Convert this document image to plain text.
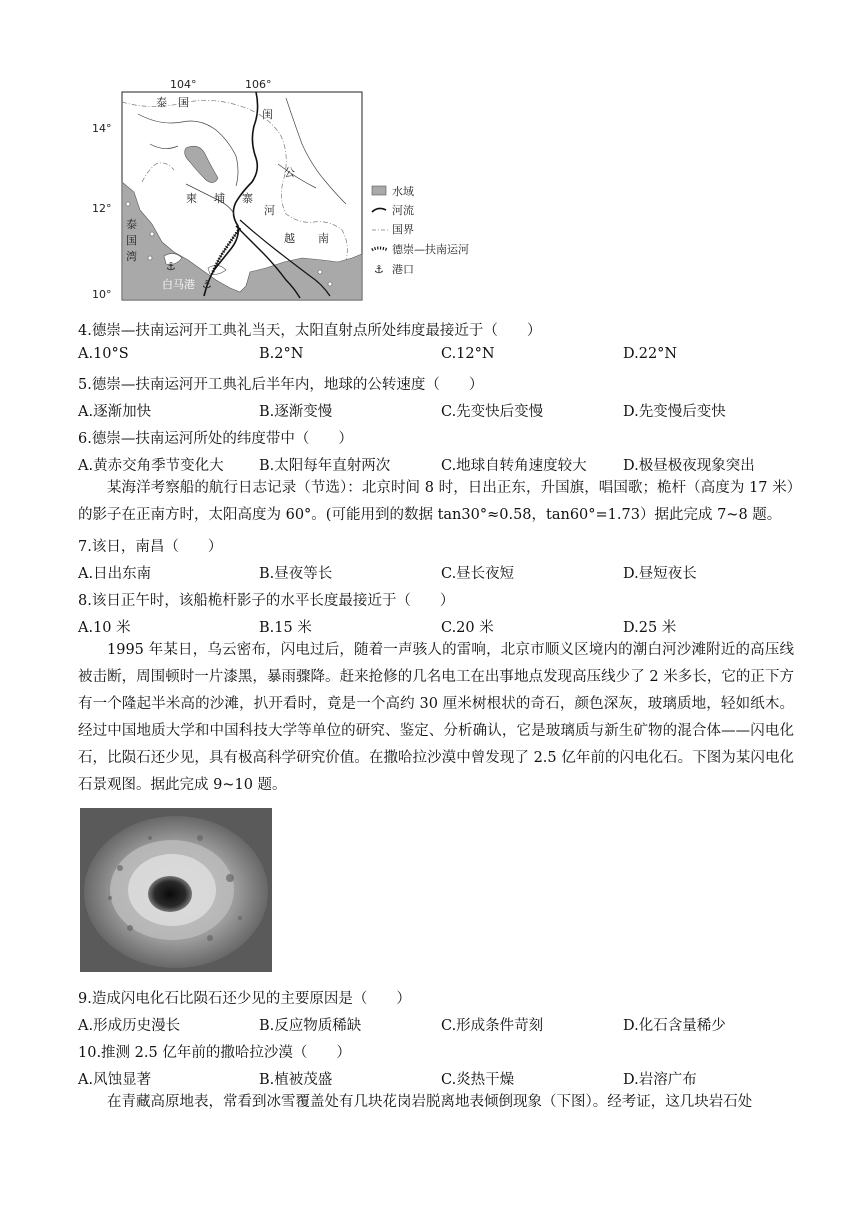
104°	106°
14°
12°
10°
⚓
⚓
泰　国
闺
柬 埔 寨
公
河
越 南
泰
国
湾
白马港
水域
河流
国界
德崇—扶南运河
⚓ 港口
4.德崇—扶南运河开工典礼当天，太阳直射点所处纬度最接近于（　　）
A.10°S	B.2°N	C.12°N	D.22°N
5.德崇—扶南运河开工典礼后半年内，地球的公转速度（　　）
A.逐渐加快	B.逐渐变慢	C.先变快后变慢	D.先变慢后变快
6.德崇—扶南运河所处的纬度带中（　　）
A.黄赤交角季节变化大 B.太阳每年直射两次	C.地球自转角速度较大	D.极昼极夜现象突出

某海洋考察船的航行日志记录（节选）：北京时间 8 时，日出正东，升国旗，唱国歌；桅杆（高度为 17 米）的影子在正南方时，太阳高度为 60°。(可能用到的数据 tan30°≈0.58，tan60°=1.73）据此完成 7~8 题。

7.该日，南昌（　　）
A.日出东南	B.昼夜等长	C.昼长夜短	D.昼短夜长
8.该日正午时，该船桅杆影子的水平长度最接近于（　　）
A.10 米	B.15 米	C.20 米	D.25 米

1995 年某日，乌云密布，闪电过后，随着一声骇人的雷响，北京市顺义区境内的潮白河沙滩附近的高压线被击断，周围顿时一片漆黑，暴雨骤降。赶来抢修的几名电工在出事地点发现高压线少了 2 米多长，它的正下方有一个隆起半米高的沙滩，扒开看时，竟是一个高约 30 厘米树根状的奇石，颜色深灰，玻璃质地，轻如纸木。经过中国地质大学和中国科技大学等单位的研究、鉴定、分析确认，它是玻璃质与新生矿物的混合体——闪电化石，比陨石还少见，具有极高科学研究价值。在撒哈拉沙漠中曾发现了 2.5 亿年前的闪电化石。下图为某闪电化石景观图。据此完成 9~10 题。

9.造成闪电化石比陨石还少见的主要原因是（　　）
A.形成历史漫长	B.反应物质稀缺	C.形成条件苛刻	D.化石含量稀少
10.推测 2.5 亿年前的撒哈拉沙漠（　　）
A.风蚀显著	B.植被茂盛	C.炎热干燥	D.岩溶广布

在青藏高原地表，常看到冰雪覆盖处有几块花岗岩脱离地表倾倒现象（下图）。经考证，这几块岩石处
